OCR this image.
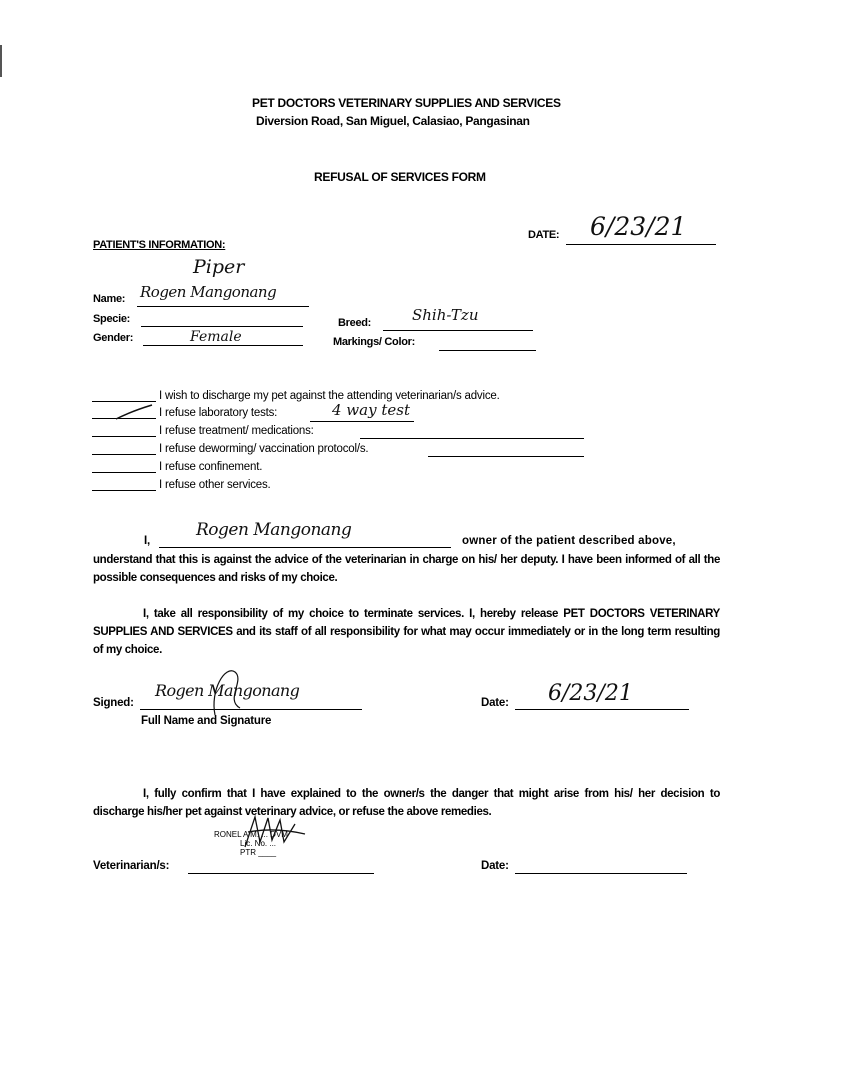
PET DOCTORS VETERINARY SUPPLIES AND SERVICES
Diversion Road, San Miguel, Calasiao, Pangasinan
REFUSAL OF SERVICES FORM
DATE: 6/23/21
PATIENT'S INFORMATION:
Piper
Name: Rogen Mangonang
Specie:	Breed:	Shih-Tzu
Gender:	Female	Markings/ Color:
I wish to discharge my pet against the attending veterinarian/s advice.
I refuse laboratory tests:	4 way test
I refuse treatment/ medications:
I refuse deworming/ vaccination protocol/s.
I refuse confinement.
I refuse other services.
I,
Rogen Mangonang
owner of the patient described above,
understand that this is against the advice of the veterinarian in charge on his/ her deputy. I have been informed of all the possible consequences and risks of my choice.
I, take all responsibility of my choice to terminate services. I, hereby release PET DOCTORS VETERINARY SUPPLIES AND SERVICES and its staff of all responsibility for what may occur immediately or in the long term resulting of my choice.
Signed:
Rogen Mangonang
Full Name and Signature
Date: 6/23/21
I, fully confirm that I have explained to the owner/s the danger that might arise from his/ her decision to discharge his/her pet against veterinary advice, or refuse the above remedies.
RONEL A M. ... DVM
Lic. No. ...
PTR ____
Veterinarian/s:	Date:
